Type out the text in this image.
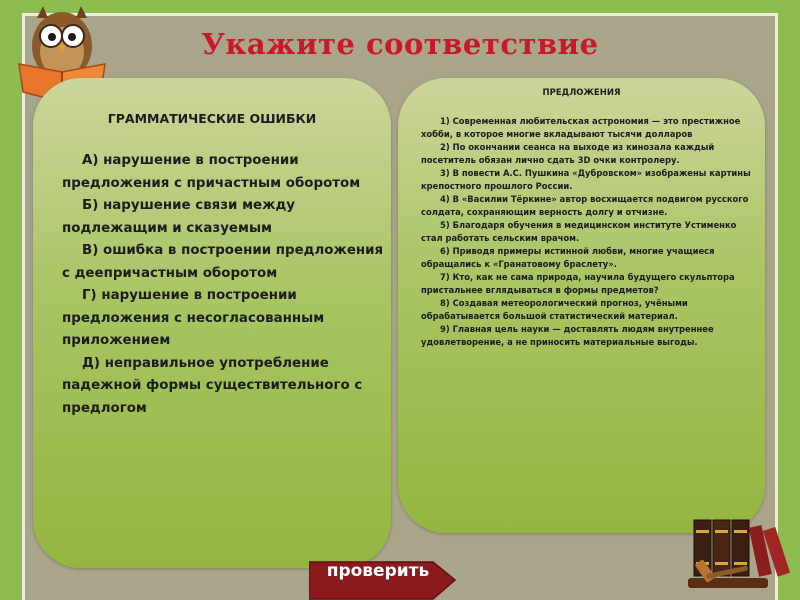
Укажите соответствие
ГРАММАТИЧЕСКИЕ ОШИБКИ
А) нарушение в построении предложения с причастным оборотом
Б) нарушение связи между подлежащим и сказуемым
В) ошибка в построении предложения с деепричастным оборотом
Г) нарушение в построении предложения с несогласованным приложением
Д) неправильное употребление падежной формы существительного с предлогом
ПРЕДЛОЖЕНИЯ
1) Современная любительская астрономия — это престижное хобби, в которое многие вкладывают тысячи долларов
2) По окончании сеанса на выходе из кинозала каждый посетитель обязан лично сдать 3D очки контролеру.
3) В повести А.С. Пушкина «Дубровском» изображены картины крепостного прошлого России.
4) В «Василии Тёркине» автор восхищается подвигом русского солдата, сохраняющим верность долгу и отчизне.
5) Благодаря обучения в медицинском институте Устименко стал работать сельским врачом.
6) Приводя примеры истинной любви, многие учащиеся обращались к «Гранатовому браслету».
7) Кто, как не сама природа, научила будущего скульптора пристальнее вглядываться в формы предметов?
8) Создавая метеорологический прогноз, учёными обрабатывается большой статистический материал.
9) Главная цель науки — доставлять людям внутреннее удовлетворение, а не приносить материальные выгоды.
проверить
